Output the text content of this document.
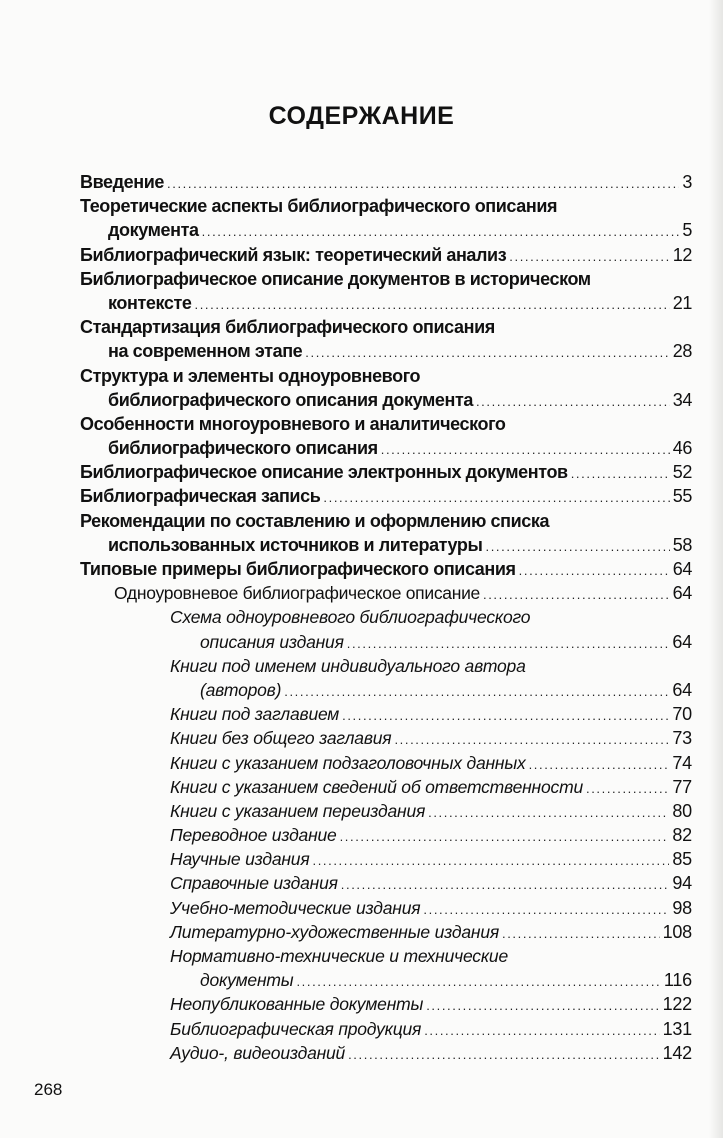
СОДЕРЖАНИЕ
Введение .....	3
Теоретические аспекты библиографического описания
документа .....	5
Библиографический язык: теоретический анализ .....	12
Библиографическое описание документов в историческом
контексте .....	21
Стандартизация библиографического описания
на современном этапе .....	28
Структура и элементы одноуровневого
библиографического описания документа .....	34
Особенности многоуровневого и аналитического
библиографического описания .....	46
Библиографическое описание электронных документов .....	52
Библиографическая запись .....	55
Рекомендации по составлению и оформлению списка
использованных источников и литературы .....	58
Типовые примеры библиографического описания .....	64
Одноуровневое библиографическое описание .....	64
Схема одноуровневого библиографического
описания издания .....	64
Книги под именем индивидуального автора
(авторов) .....	64
Книги под заглавием .....	70
Книги без общего заглавия .....	73
Книги с указанием подзаголовочных данных .....	74
Книги с указанием сведений об ответственности .....	77
Книги с указанием переиздания .....	80
Переводное издание .....	82
Научные издания .....	85
Справочные издания .....	94
Учебно-методические издания .....	98
Литературно-художественные издания .....	108
Нормативно-технические и технические
документы .....	116
Неопубликованные документы .....	122
Библиографическая продукция .....	131
Аудио-, видеоизданий .....	142
268
